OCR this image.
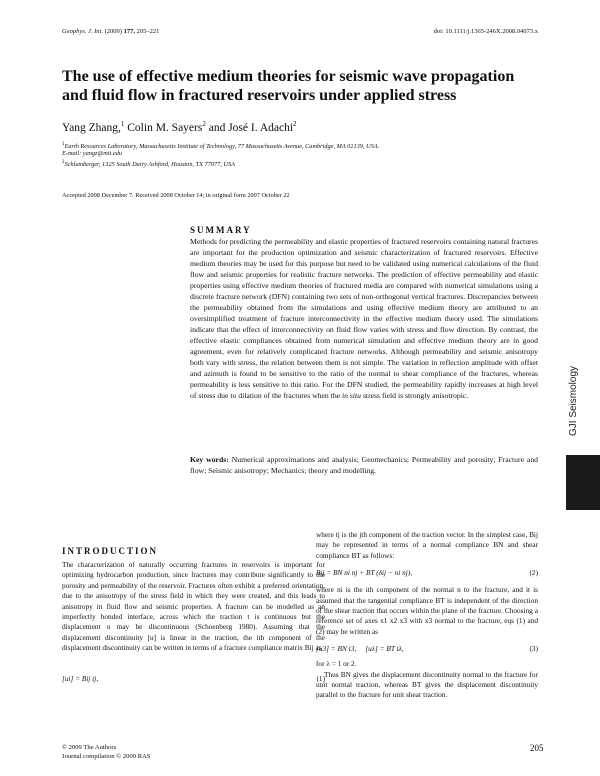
Geophys. J. Int. (2009) 177, 205–221	doi: 10.1111/j.1365-246X.2008.04073.x
The use of effective medium theories for seismic wave propagation
and fluid flow in fractured reservoirs under applied stress
Yang Zhang,$^1$ Colin M. Sayers$^2$ and José I. Adachi$^2$
$^1$Earth Resources Laboratory, Massachusetts Institute of Technology, 77 Massachusetts Avenue, Cambridge, MA 02139, USA.
E-mail: yangz@mit.edu
$^2$Schlumberger, 1325 South Dairy Ashford, Houston, TX 77077, USA
Accepted 2008 December 7. Received 2008 October 14; in original form 2007 October 22
SUMMARY
Methods for predicting the permeability and elastic properties of fractured reservoirs containing natural fractures are important for the production optimization and seismic characterization of fractured reservoirs. Effective medium theories may be used for this purpose but need to be validated using numerical calculations of the fluid flow and seismic properties for realistic fracture networks. The prediction of effective permeability and elastic properties using effective medium theories of fractured media are compared with numerical simulations using a discrete fracture network (DFN) containing two sets of non-orthogonal vertical fractures. Discrepancies between the permeability obtained from the simulations and using effective medium theory are attributed to an oversimplified treatment of fracture interconnectivity in the effective medium theory used. The simulations indicate that the effect of interconnectivity on fluid flow varies with stress and flow direction. By contrast, the effective elastic compliances obtained from numerical simulation and effective medium theory are in good agreement, even for relatively complicated fracture networks. Although permeability and seismic anisotropy both vary with stress, the relation between them is not simple. The variation in reflection amplitude with offset and azimuth is found to be sensitive to the ratio of the normal to shear compliance of the fractures, whereas permeability is less sensitive to this ratio. For the DFN studied, the permeability rapidly increases at high level of stress due to dilation of the fractures when the in situ stress field is strongly anisotropic.
Key words: Numerical approximations and analysis; Geomechanics; Permeability and porosity; Fracture and flow; Seismic anisotropy; Mechanics; theory and modelling.
INTRODUCTION
The characterization of naturally occurring fractures in reservoirs is important for optimizing hydrocarbon production, since fractures may contribute significantly to the porosity and permeability of the reservoir. Fractures often exhibit a preferred orientation, due to the anisotropy of the stress field in which they were created, and this leads to anisotropy in fluid flow and seismic properties. A fracture can be modelled as an imperfectly bonded interface, across which the traction t is continuous but the displacement u may be discontinuous (Schoenberg 1980). Assuming that the displacement discontinuity [u] is linear in the traction, the ith component of the displacement discontinuity can be written in terms of a fracture compliance matrix Bij as
[ui] = Bij tj,	(1)
where tj is the jth component of the traction vector. In the simplest case, Bij may be represented in terms of a normal compliance BN and shear compliance BT as follows:
Bij = BN ni nj + BT (δij − ni nj),	(2)
where ni is the ith component of the normal n to the fracture, and it is assumed that the tangential compliance BT is independent of the direction of the shear traction that occurs within the plane of the fracture. Choosing a reference set of axes x1 x2 x3 with x3 normal to the fracture, eqs (1) and (2) may be written as
[u3] = BN t3,     [uλ] = BT tλ,	(3)
for λ = 1 or 2.
Thus BN gives the displacement discontinuity normal to the fracture for unit normal traction, whereas BT gives the displacement discontinuity parallel to the fracture for unit shear traction.
© 2009 The Authors
Journal compilation © 2009 RAS
205
GJI Seismology
